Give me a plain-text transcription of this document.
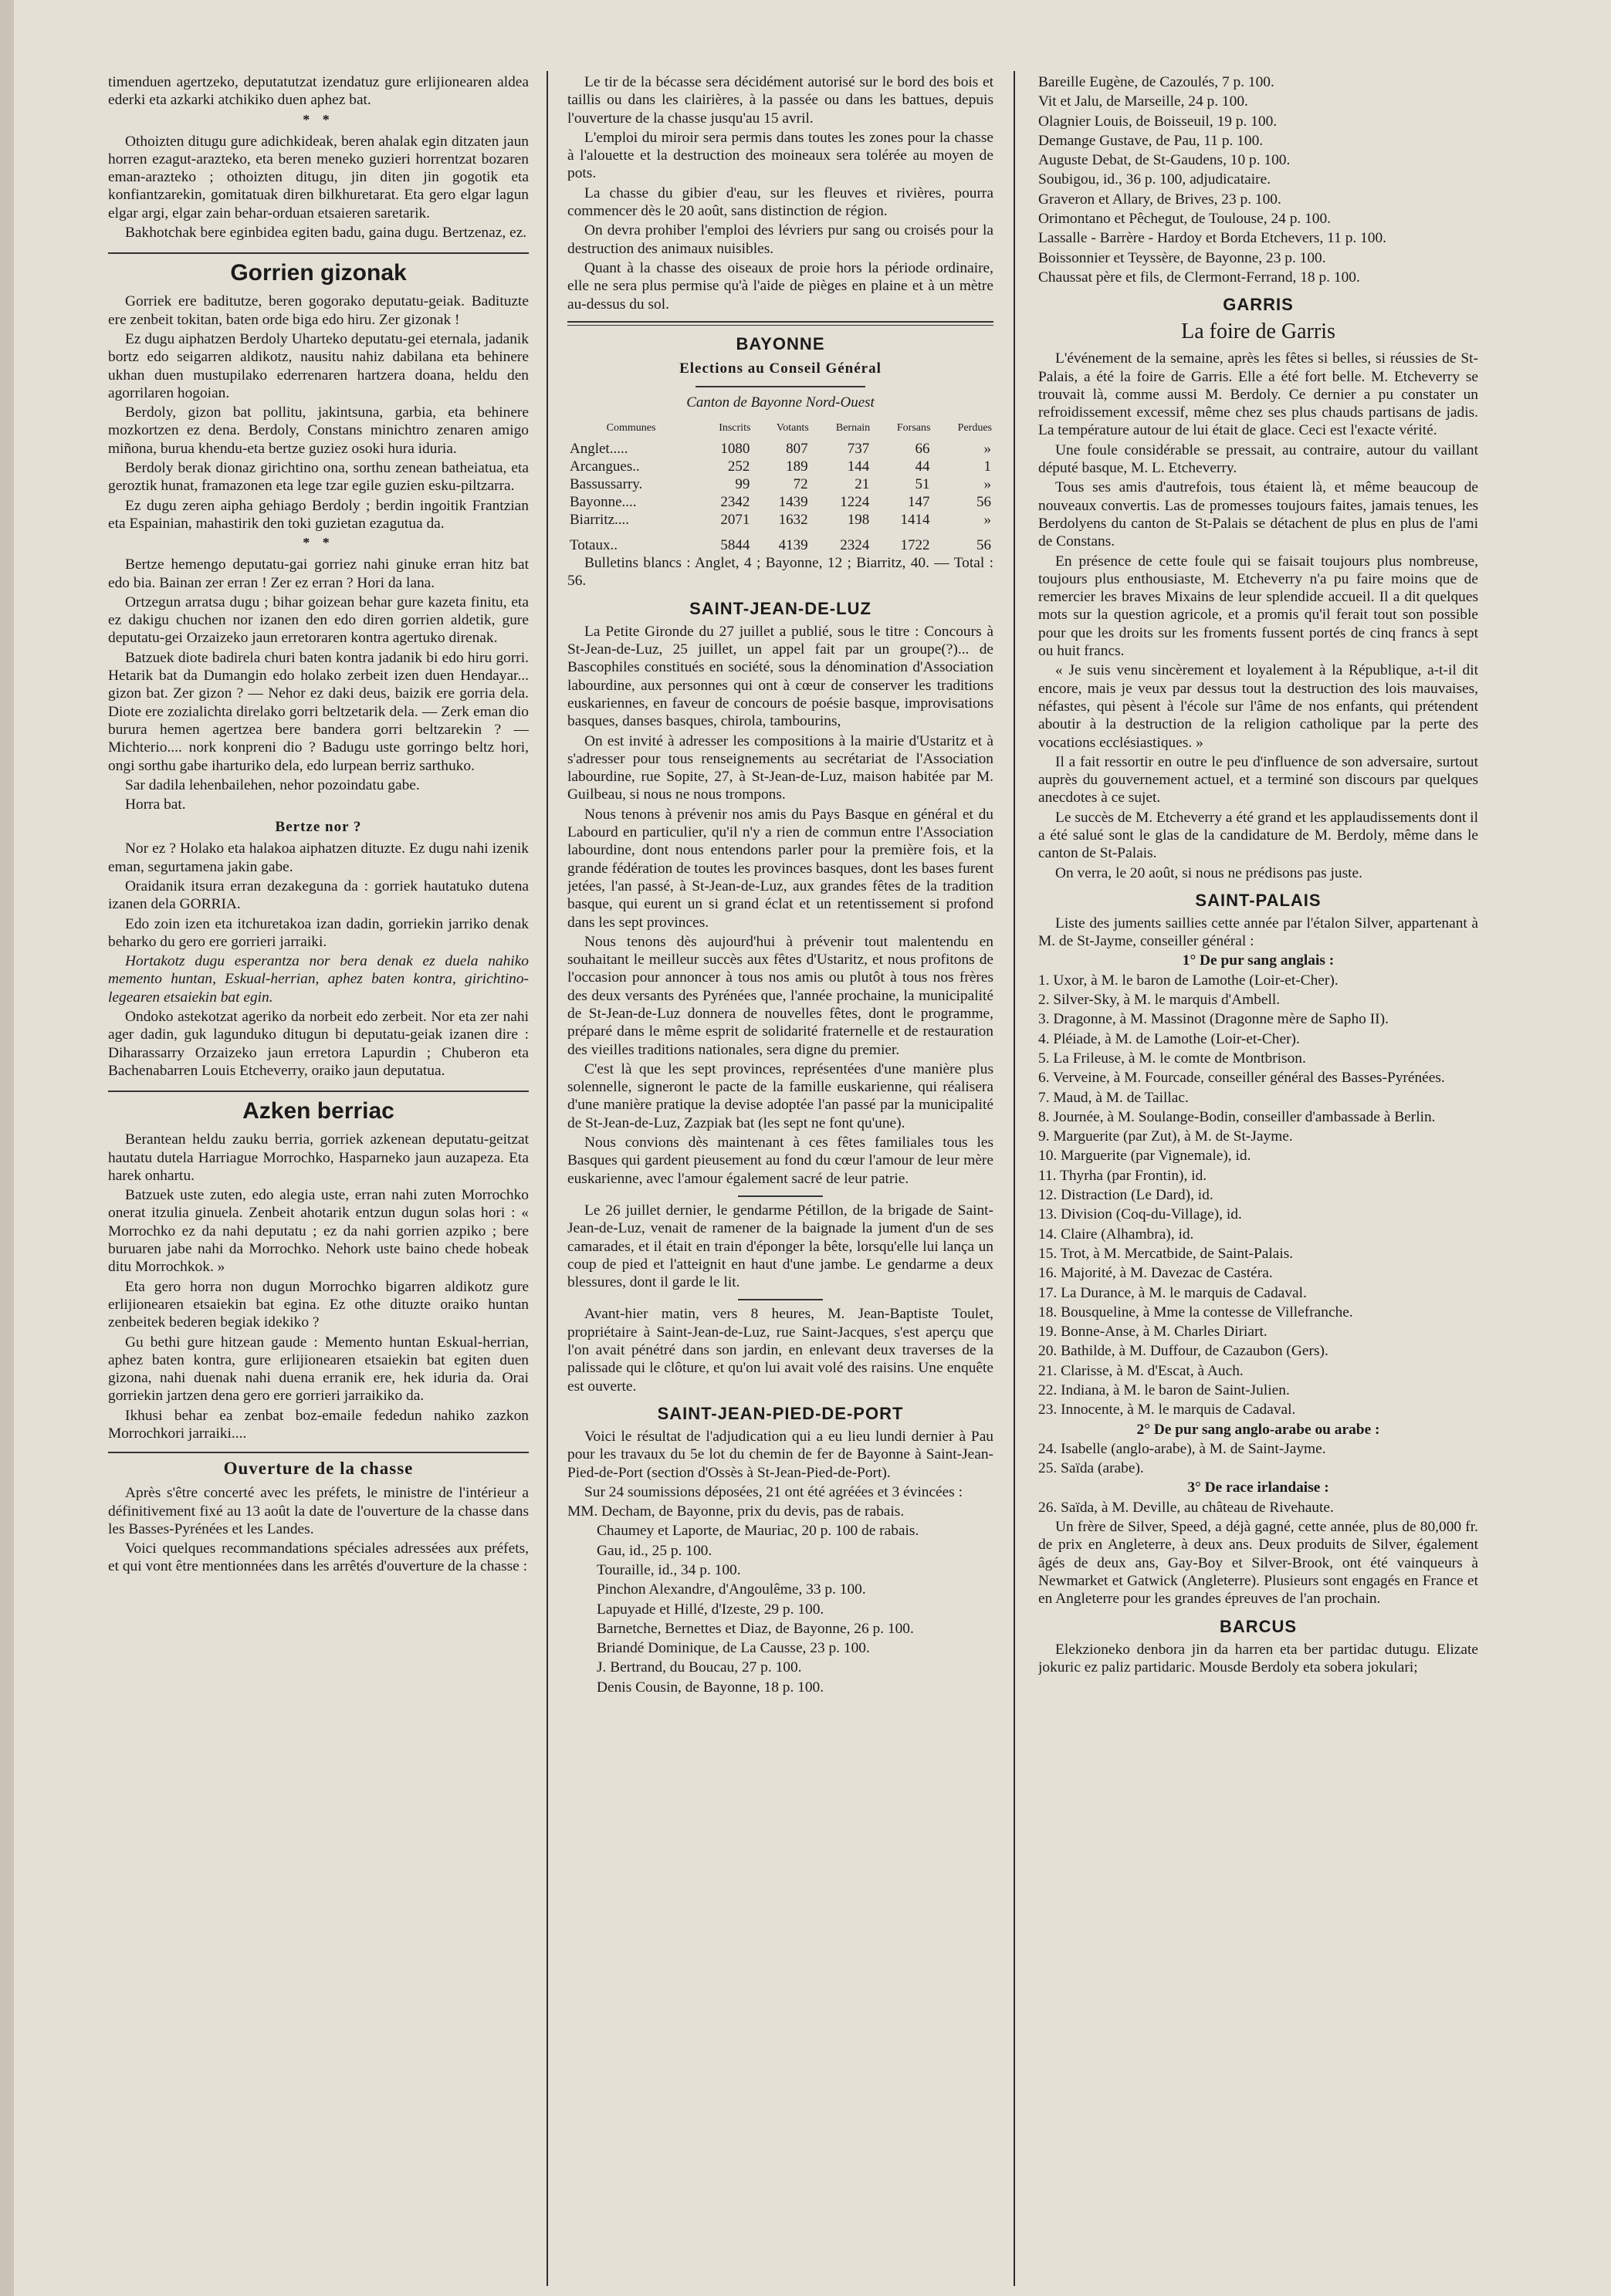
timenduen agertzeko, deputatutzat izendatuz gure erlijionearen aldea ederki eta azkarki atchikiko duen aphez bat.

* *

Othoizten ditugu gure adichkideak, beren ahalak egin ditzaten jaun horren ezagut-arazteko, eta beren meneko guzieri horrentzat bozaren eman-arazteko ; othoizten ditugu, jin diten jin gogotik eta konfiantzarekin, gomitatuak diren bilkhuretarat. Eta gero elgar lagun elgar argi, elgar zain behar-orduan etsaieren saretarik.

Bakhotchak bere eginbidea egiten badu, gaina dugu. Bertzenaz, ez.

Gorrien gizonak

Gorriek ere baditutze, beren gogorako deputatu-geiak. Badituzte ere zenbeit tokitan, baten orde biga edo hiru. Zer gizonak !

Ez dugu aiphatzen Berdoly Uharteko deputatu-gei eternala, jadanik bortz edo seigarren aldikotz, nausitu nahiz dabilana eta behinere ukhan duen mustupilako ederrenaren hartzera doana, heldu den agorrilaren hogoian.

Berdoly, gizon bat pollitu, jakintsuna, garbia, eta behinere mozkortzen ez dena. Berdoly, Constans minichtro zenaren amigo miñona, burua khendu-eta bertze guziez osoki hura iduria.

Berdoly berak dionaz girichtino ona, sorthu zenean batheiatua, eta geroztik hunat, framazonen eta lege tzar egile guzien esku-piltzarra.

Ez dugu zeren aipha gehiago Berdoly ; berdin ingoitik Frantzian eta Espainian, mahastirik den toki guzietan ezagutua da.

* *

Bertze hemengo deputatu-gai gorriez nahi ginuke erran hitz bat edo bia. Bainan zer erran ! Zer ez erran ? Hori da lana.

Ortzegun arratsa dugu ; bihar goizean behar gure kazeta finitu, eta ez dakigu chuchen nor izanen den edo diren gorrien aldetik, gure deputatu-gei Orzaizeko jaun erretoraren kontra agertuko direnak.

Batzuek diote badirela churi baten kontra jadanik bi edo hiru gorri. Hetarik bat da Dumangin edo holako zerbeit izen duen Hendayar... gizon bat. Zer gizon ? — Nehor ez daki deus, baizik ere gorria dela. Diote ere zozialichta direlako gorri beltzetarik dela. — Zerk eman dio burura hemen agertzea bere bandera gorri beltzarekin ? — Michterio.... nork konpreni dio ? Badugu uste gorringo beltz hori, ongi sorthu gabe iharturiko dela, edo lurpean berriz sarthuko.

Sar dadila lehenbailehen, nehor pozoindatu gabe.

Horra bat.

Bertze nor ?

Nor ez ? Holako eta halakoa aiphatzen dituzte. Ez dugu nahi izenik eman, segurtamena jakin gabe.

Oraidanik itsura erran dezakeguna da : gorriek hautatuko dutena izanen dela GORRIA.

Edo zoin izen eta itchuretakoa izan dadin, gorriekin jarriko denak beharko du gero ere gorrieri jarraiki.

Hortakotz dugu esperantza nor bera denak ez duela nahiko memento huntan, Eskual-herrian, aphez baten kontra, girichtino-legearen etsaiekin bat egin.

Ondoko astekotzat ageriko da norbeit edo zerbeit. Nor eta zer nahi ager dadin, guk lagunduko ditugun bi deputatu-geiak izanen dire : Diharassarry Orzaizeko jaun erretora Lapurdin ; Chuberon eta Bachenabarren Louis Etcheverry, oraiko jaun deputatua.

Azken berriac

Berantean heldu zauku berria, gorriek azkenean deputatu-geitzat hautatu dutela Harriague Morrochko, Hasparneko jaun auzapeza. Eta harek onhartu.

Batzuek uste zuten, edo alegia uste, erran nahi zuten Morrochko onerat itzulia ginuela. Zenbeit ahotarik entzun dugun solas hori : « Morrochko ez da nahi deputatu ; ez da nahi gorrien azpiko ; bere buruaren jabe nahi da Morrochko. Nehork uste baino chede hobeak ditu Morrochkok. »

Eta gero horra non dugun Morrochko bigarren aldikotz gure erlijionearen etsaiekin bat egina. Ez othe dituzte oraiko huntan zenbeitek bederen begiak idekiko ?

Gu bethi gure hitzean gaude : Memento huntan Eskual-herrian, aphez baten kontra, gure erlijionearen etsaiekin bat egiten duen gizona, nahi duenak nahi duena erranik ere, hek iduria da. Orai gorriekin jartzen dena gero ere gorrieri jarraikiko da.

Ikhusi behar ea zenbat boz-emaile fededun nahiko zazkon Morrochkori jarraiki....

Ouverture de la chasse

Après s'être concerté avec les préfets, le ministre de l'intérieur a définitivement fixé au 13 août la date de l'ouverture de la chasse dans les Basses-Pyrénées et les Landes.

Voici quelques recommandations spéciales adressées aux préfets, et qui vont être mentionnées dans les arrêtés d'ouverture de la chasse :

Le tir de la bécasse sera décidément autorisé sur le bord des bois et taillis ou dans les clairières, à la passée ou dans les battues, depuis l'ouverture de la chasse jusqu'au 15 avril.

L'emploi du miroir sera permis dans toutes les zones pour la chasse à l'alouette et la destruction des moineaux sera tolérée au moyen de pots.

La chasse du gibier d'eau, sur les fleuves et rivières, pourra commencer dès le 20 août, sans distinction de région.

On devra prohiber l'emploi des lévriers pur sang ou croisés pour la destruction des animaux nuisibles.

Quant à la chasse des oiseaux de proie hors la période ordinaire, elle ne sera plus permise qu'à l'aide de pièges en plaine et à un mètre au-dessus du sol.

BAYONNE
Elections au Conseil Général
Canton de Bayonne Nord-Ouest
Communes	Inscrits	Votants	Bernain	Forsans	Perdues
Anglet.....	1080	807	737	66	»
Arcangues..	252	189	144	44	1
Bassussarry.	99	72	21	51	»
Bayonne....	2342	1439	1224	147	56
Biarritz....	2071	1632	198	1414	»
Totaux..	5844	4139	2324	1722	56

Bulletins blancs : Anglet, 4 ; Bayonne, 12 ; Biarritz, 40. — Total : 56.

SAINT-JEAN-DE-LUZ

La Petite Gironde du 27 juillet a publié, sous le titre : Concours à St-Jean-de-Luz, 25 juillet, un appel fait par un groupe(?)... de Bascophiles constitués en société, sous la dénomination d'Association labourdine, aux personnes qui ont à cœur de conserver les traditions euskariennes, en faveur de concours de poésie basque, improvisations basques, danses basques, chirola, tambourins,

On est invité à adresser les compositions à la mairie d'Ustaritz et à s'adresser pour tous renseignements au secrétariat de l'Association labourdine, rue Sopite, 27, à St-Jean-de-Luz, maison habitée par M. Guilbeau, si nous ne nous trompons.

Nous tenons à prévenir nos amis du Pays Basque en général et du Labourd en particulier, qu'il n'y a rien de commun entre l'Association labourdine, dont nous entendons parler pour la première fois, et la grande fédération de toutes les provinces basques, dont les bases furent jetées, l'an passé, à St-Jean-de-Luz, aux grandes fêtes de la tradition basque, qui eurent un si grand éclat et un retentissement si profond dans les sept provinces.

Nous tenons dès aujourd'hui à prévenir tout malentendu en souhaitant le meilleur succès aux fêtes d'Ustaritz, et nous profitons de l'occasion pour annoncer à tous nos amis ou plutôt à tous nos frères des deux versants des Pyrénées que, l'année prochaine, la municipalité de St-Jean-de-Luz donnera de nouvelles fêtes, dont le programme, préparé dans le même esprit de solidarité fraternelle et de restauration des vieilles traditions nationales, sera digne du premier.

C'est là que les sept provinces, représentées d'une manière plus solennelle, signeront le pacte de la famille euskarienne, qui réalisera d'une manière pratique la devise adoptée l'an passé par la municipalité de St-Jean-de-Luz, Zazpiak bat (les sept ne font qu'une).

Nous convions dès maintenant à ces fêtes familiales tous les Basques qui gardent pieusement au fond du cœur l'amour de leur mère euskarienne, avec l'amour également sacré de leur patrie.

Le 26 juillet dernier, le gendarme Pétillon, de la brigade de Saint-Jean-de-Luz, venait de ramener de la baignade la jument d'un de ses camarades, et il était en train d'éponger la bête, lorsqu'elle lui lança un coup de pied et l'atteignit en haut d'une jambe. Le gendarme a deux blessures, dont il garde le lit.

Avant-hier matin, vers 8 heures, M. Jean-Baptiste Toulet, propriétaire à Saint-Jean-de-Luz, rue Saint-Jacques, s'est aperçu que l'on avait pénétré dans son jardin, en enlevant deux traverses de la palissade qui le clôture, et qu'on lui avait volé des raisins. Une enquête est ouverte.

SAINT-JEAN-PIED-DE-PORT

Voici le résultat de l'adjudication qui a eu lieu lundi dernier à Pau pour les travaux du 5e lot du chemin de fer de Bayonne à Saint-Jean-Pied-de-Port (section d'Ossès à St-Jean-Pied-de-Port).

Sur 24 soumissions déposées, 21 ont été agréées et 3 évincées :

MM. Decham, de Bayonne, prix du devis, pas de rabais.

Chaumey et Laporte, de Mauriac, 20 p. 100 de rabais.

Gau, id., 25 p. 100.

Touraille, id., 34 p. 100.

Pinchon Alexandre, d'Angoulême, 33 p. 100.

Lapuyade et Hillé, d'Izeste, 29 p. 100.

Barnetche, Bernettes et Diaz, de Bayonne, 26 p. 100.

Briandé Dominique, de La Causse, 23 p. 100.

J. Bertrand, du Boucau, 27 p. 100.

Denis Cousin, de Bayonne, 18 p. 100.

Bareille Eugène, de Cazoulés, 7 p. 100.

Vit et Jalu, de Marseille, 24 p. 100.

Olagnier Louis, de Boisseuil, 19 p. 100.

Demange Gustave, de Pau, 11 p. 100.

Auguste Debat, de St-Gaudens, 10 p. 100.

Soubigou, id., 36 p. 100, adjudicataire.

Graveron et Allary, de Brives, 23 p. 100.

Orimontano et Pêchegut, de Toulouse, 24 p. 100.

Lassalle - Barrère - Hardoy et Borda Etchevers, 11 p. 100.

Boissonnier et Teyssère, de Bayonne, 23 p. 100.

Chaussat père et fils, de Clermont-Ferrand, 18 p. 100.

GARRIS
La foire de Garris

L'événement de la semaine, après les fêtes si belles, si réussies de St-Palais, a été la foire de Garris. Elle a été fort belle. M. Etcheverry se trouvait là, comme aussi M. Berdoly. Ce dernier a pu constater un refroidissement excessif, même chez ses plus chauds partisans de jadis. La température autour de lui était de glace. Ceci est l'exacte vérité.

Une foule considérable se pressait, au contraire, autour du vaillant député basque, M. L. Etcheverry.

Tous ses amis d'autrefois, tous étaient là, et même beaucoup de nouveaux convertis. Las de promesses toujours faites, jamais tenues, les Berdolyens du canton de St-Palais se détachent de plus en plus de l'ami de Constans.

En présence de cette foule qui se faisait toujours plus nombreuse, toujours plus enthousiaste, M. Etcheverry n'a pu faire moins que de remercier les braves Mixains de leur splendide accueil. Il a dit quelques mots sur la question agricole, et a promis qu'il ferait tout son possible pour que les droits sur les froments fussent portés de cinq francs à sept ou huit francs.

« Je suis venu sincèrement et loyalement à la République, a-t-il dit encore, mais je veux par dessus tout la destruction des lois mauvaises, néfastes, qui pèsent à l'école sur l'âme de nos enfants, qui prétendent aboutir à la destruction de la religion catholique par la perte des vocations ecclésiastiques. »

Il a fait ressortir en outre le peu d'influence de son adversaire, surtout auprès du gouvernement actuel, et a terminé son discours par quelques anecdotes à ce sujet.

Le succès de M. Etcheverry a été grand et les applaudissements dont il a été salué sont le glas de la candidature de M. Berdoly, même dans le canton de St-Palais.

On verra, le 20 août, si nous ne prédisons pas juste.

SAINT-PALAIS

Liste des juments saillies cette année par l'étalon Silver, appartenant à M. de St-Jayme, conseiller général :

1° De pur sang anglais :

1. Uxor, à M. le baron de Lamothe (Loir-et-Cher).

2. Silver-Sky, à M. le marquis d'Ambell.

3. Dragonne, à M. Massinot (Dragonne mère de Sapho II).

4. Pléiade, à M. de Lamothe (Loir-et-Cher).

5. La Frileuse, à M. le comte de Montbrison.

6. Verveine, à M. Fourcade, conseiller général des Basses-Pyrénées.

7. Maud, à M. de Taillac.

8. Journée, à M. Soulange-Bodin, conseiller d'ambassade à Berlin.

9. Marguerite (par Zut), à M. de St-Jayme.

10. Marguerite (par Vignemale), id.

11. Thyrha (par Frontin), id.

12. Distraction (Le Dard), id.

13. Division (Coq-du-Village), id.

14. Claire (Alhambra), id.

15. Trot, à M. Mercatbide, de Saint-Palais.

16. Majorité, à M. Davezac de Castéra.

17. La Durance, à M. le marquis de Cadaval.

18. Bousqueline, à Mme la contesse de Villefranche.

19. Bonne-Anse, à M. Charles Diriart.

20. Bathilde, à M. Duffour, de Cazaubon (Gers).

21. Clarisse, à M. d'Escat, à Auch.

22. Indiana, à M. le baron de Saint-Julien.

23. Innocente, à M. le marquis de Cadaval.

2° De pur sang anglo-arabe ou arabe :

24. Isabelle (anglo-arabe), à M. de Saint-Jayme.

25. Saïda (arabe).

3° De race irlandaise :

26. Saïda, à M. Deville, au château de Rivehaute.

Un frère de Silver, Speed, a déjà gagné, cette année, plus de 80,000 fr. de prix en Angleterre, à deux ans. Deux produits de Silver, également âgés de deux ans, Gay-Boy et Silver-Brook, ont été vainqueurs à Newmarket et Gatwick (Angleterre). Plusieurs sont engagés en France et en Angleterre pour les grandes épreuves de l'an prochain.

BARCUS

Elekzioneko denbora jin da harren eta ber partidac dutugu. Elizate jokuric ez paliz partidaric. Mousde Berdoly eta sobera jokulari;
